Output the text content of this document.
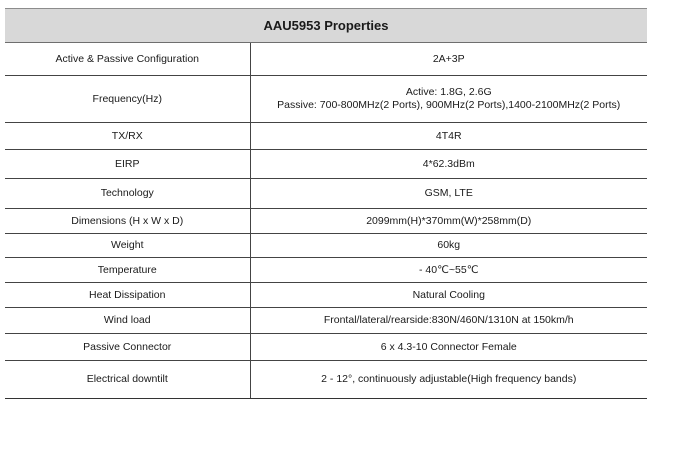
AAU5953 Properties	
Active & Passive Configuration	2A+3P

Frequency(Hz)	Active: 1.8G, 2.6G
Passive: 700-800MHz(2 Ports), 900MHz(2 Ports),1400-2100MHz(2 Ports)

TX/RX	4T4R

EIRP	4*62.3dBm

Technology	GSM, LTE

Dimensions (H x W x D)	2099mm(H)*370mm(W)*258mm(D)

Weight	60kg

Temperature	- 40℃~55℃

Heat Dissipation	Natural Cooling

Wind load	Frontal/lateral/rearside:830N/460N/1310N at 150km/h

Passive Connector	6 x 4.3-10 Connector Female

Electrical downtilt	2 - 12°, continuously adjustable(High frequency bands)
